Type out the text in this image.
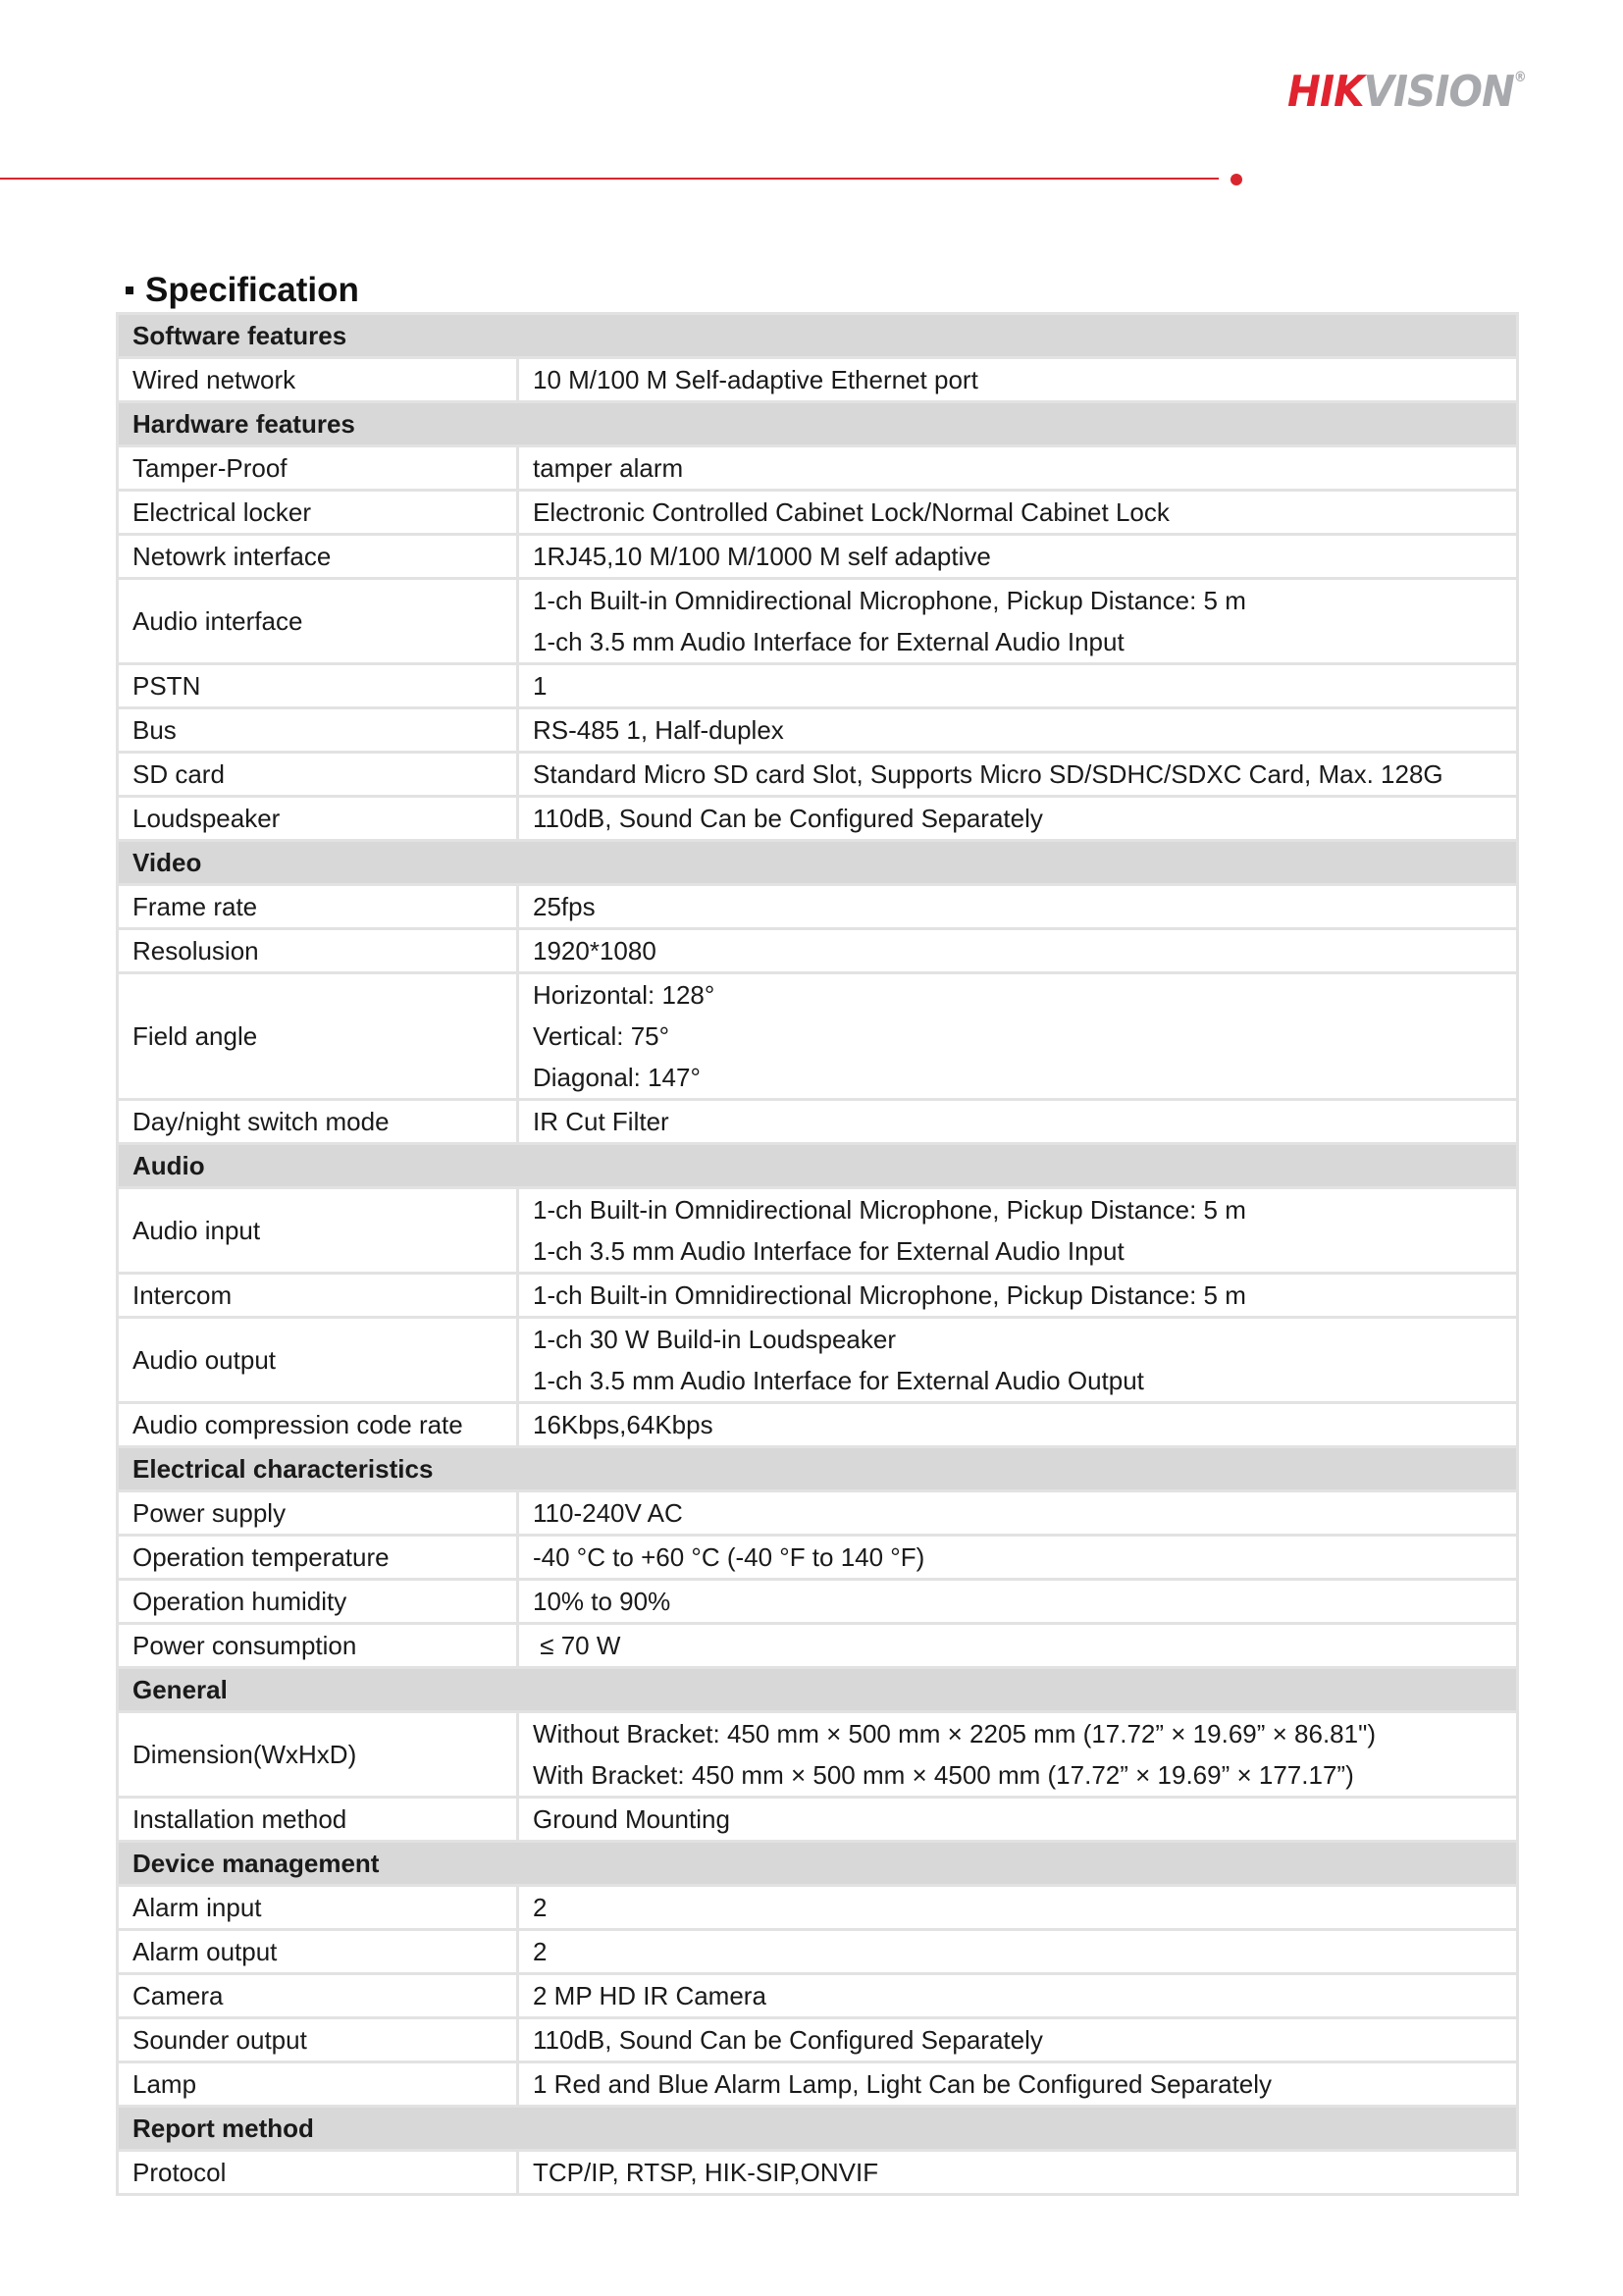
HIKVISION®
Specification
Software features	
Wired network	10 M/100 M Self-adaptive Ethernet port

Hardware features	
Tamper-Proof	tamper alarm

Electrical locker	Electronic Controlled Cabinet Lock/Normal Cabinet Lock

Netowrk interface	1RJ45,10 M/100 M/1000 M self adaptive

Audio interface	1-ch Built-in Omnidirectional Microphone, Pickup Distance: 5 m
1-ch 3.5 mm Audio Interface for External Audio Input

PSTN	1

Bus	RS-485 1, Half-duplex

SD card	Standard Micro SD card Slot, Supports Micro SD/SDHC/SDXC Card, Max. 128G

Loudspeaker	110dB, Sound Can be Configured Separately

Video	
Frame rate	25fps

Resolusion	1920*1080

Field angle	Horizontal: 128°
Vertical: 75°
Diagonal: 147°

Day/night switch mode	IR Cut Filter

Audio	
Audio input	1-ch Built-in Omnidirectional Microphone, Pickup Distance: 5 m
1-ch 3.5 mm Audio Interface for External Audio Input

Intercom	1-ch Built-in Omnidirectional Microphone, Pickup Distance: 5 m

Audio output	1-ch 30 W Build-in Loudspeaker
1-ch 3.5 mm Audio Interface for External Audio Output

Audio compression code rate	16Kbps,64Kbps

Electrical characteristics	
Power supply	110-240V AC

Operation temperature	-40 °C to +60 °C (-40 °F to 140 °F)

Operation humidity	10% to 90%

Power consumption	≤ 70 W

General	
Dimension(WxHxD)	Without Bracket: 450 mm × 500 mm × 2205 mm (17.72” × 19.69” × 86.81")
With Bracket: 450 mm × 500 mm × 4500 mm (17.72” × 19.69” × 177.17”)

Installation method	Ground Mounting

Device management	
Alarm input	2

Alarm output	2

Camera	2 MP HD IR Camera

Sounder output	110dB, Sound Can be Configured Separately

Lamp	1 Red and Blue Alarm Lamp, Light Can be Configured Separately

Report method	
Protocol	TCP/IP, RTSP, HIK-SIP,ONVIF
